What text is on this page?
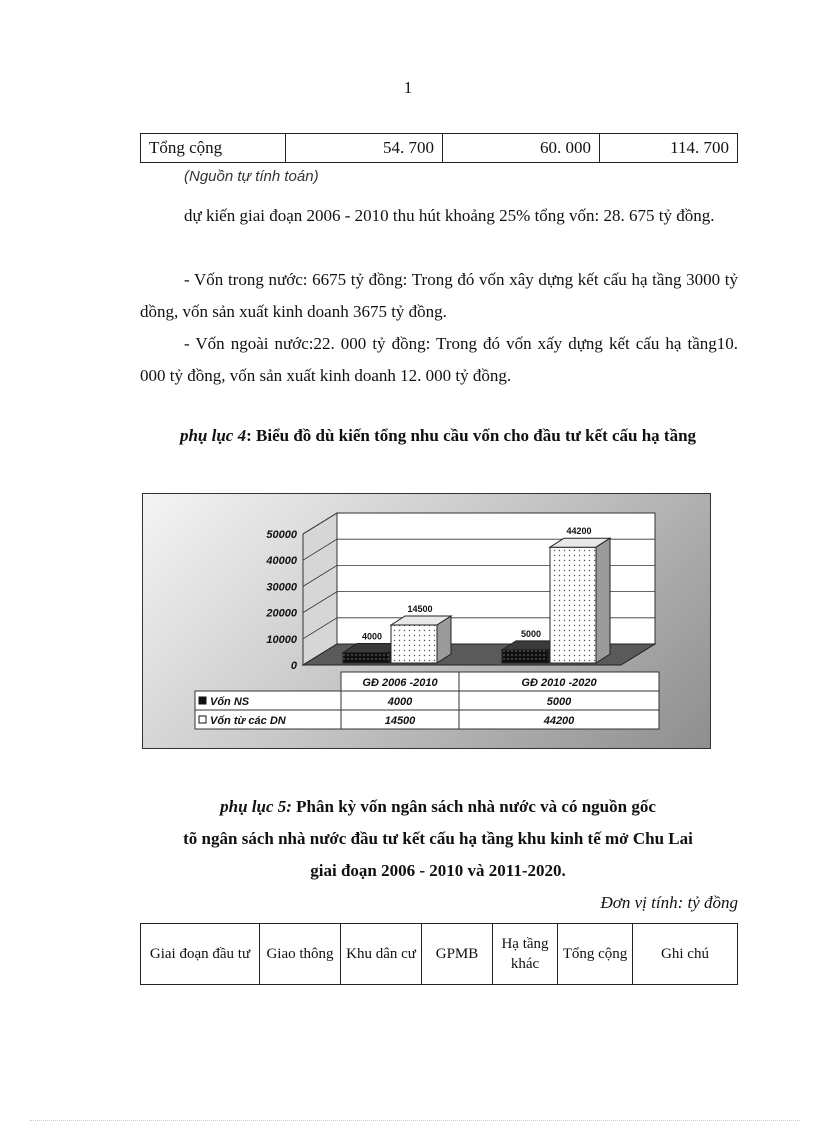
1
Tổng cộng	54. 700	60. 000	114. 700
(Nguồn tự tính toán)
dự kiến giai đoạn 2006 - 2010 thu hút khoảng 25% tổng vốn: 28. 675 tỷ đồng.
- Vốn trong nước: 6675 tỷ đồng: Trong đó vốn xây dựng kết cấu hạ tầng 3000 tỷ dồng, vốn sản xuất kinh doanh 3675 tỷ đồng.
- Vốn ngoài nước:22. 000 tỷ đồng: Trong đó vốn xấy dựng kết cấu hạ tầng10. 000 tỷ đồng, vốn sản xuất kinh doanh 12. 000 tỷ đồng.
phụ lục 4: Biểu đồ dù kiến tổng nhu cầu vốn cho đầu tư kết cấu hạ tầng
0
10000
20000
30000
40000
50000
4000
14500
5000
44200
GĐ 2006 -2010	GĐ 2010 -2020
Vốn NS	4000	5000
Vốn từ các DN	14500	44200
phụ lục 5: Phân kỳ vốn ngân sách nhà nước và có nguồn gốc
tõ ngân sách nhà nước đầu tư kết cấu hạ tầng khu kinh tế mở Chu Lai
giai đoạn 2006 - 2010 và 2011-2020.
Đơn vị tính: tỷ đồng
Giai đoạn đầu tư	Giao thông	Khu dân cư	GPMB	Hạ tầng khác	Tổng cộng	Ghi chú
